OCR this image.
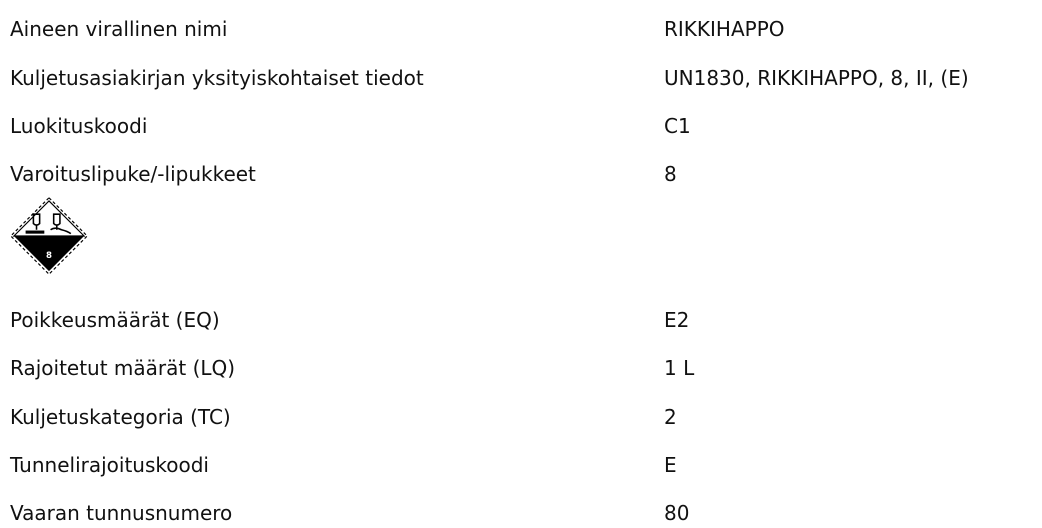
Aineen virallinen nimi	RIKKIHAPPO
Kuljetusasiakirjan yksityiskohtaiset tiedot	UN1830, RIKKIHAPPO, 8, II, (E)
Luokituskoodi	C1
Varoituslipuke/-lipukkeet	8
8
Poikkeusmäärät (EQ)	E2
Rajoitetut määrät (LQ)	1 L
Kuljetuskategoria (TC)	2
Tunnelirajoituskoodi	E
Vaaran tunnusnumero	80
